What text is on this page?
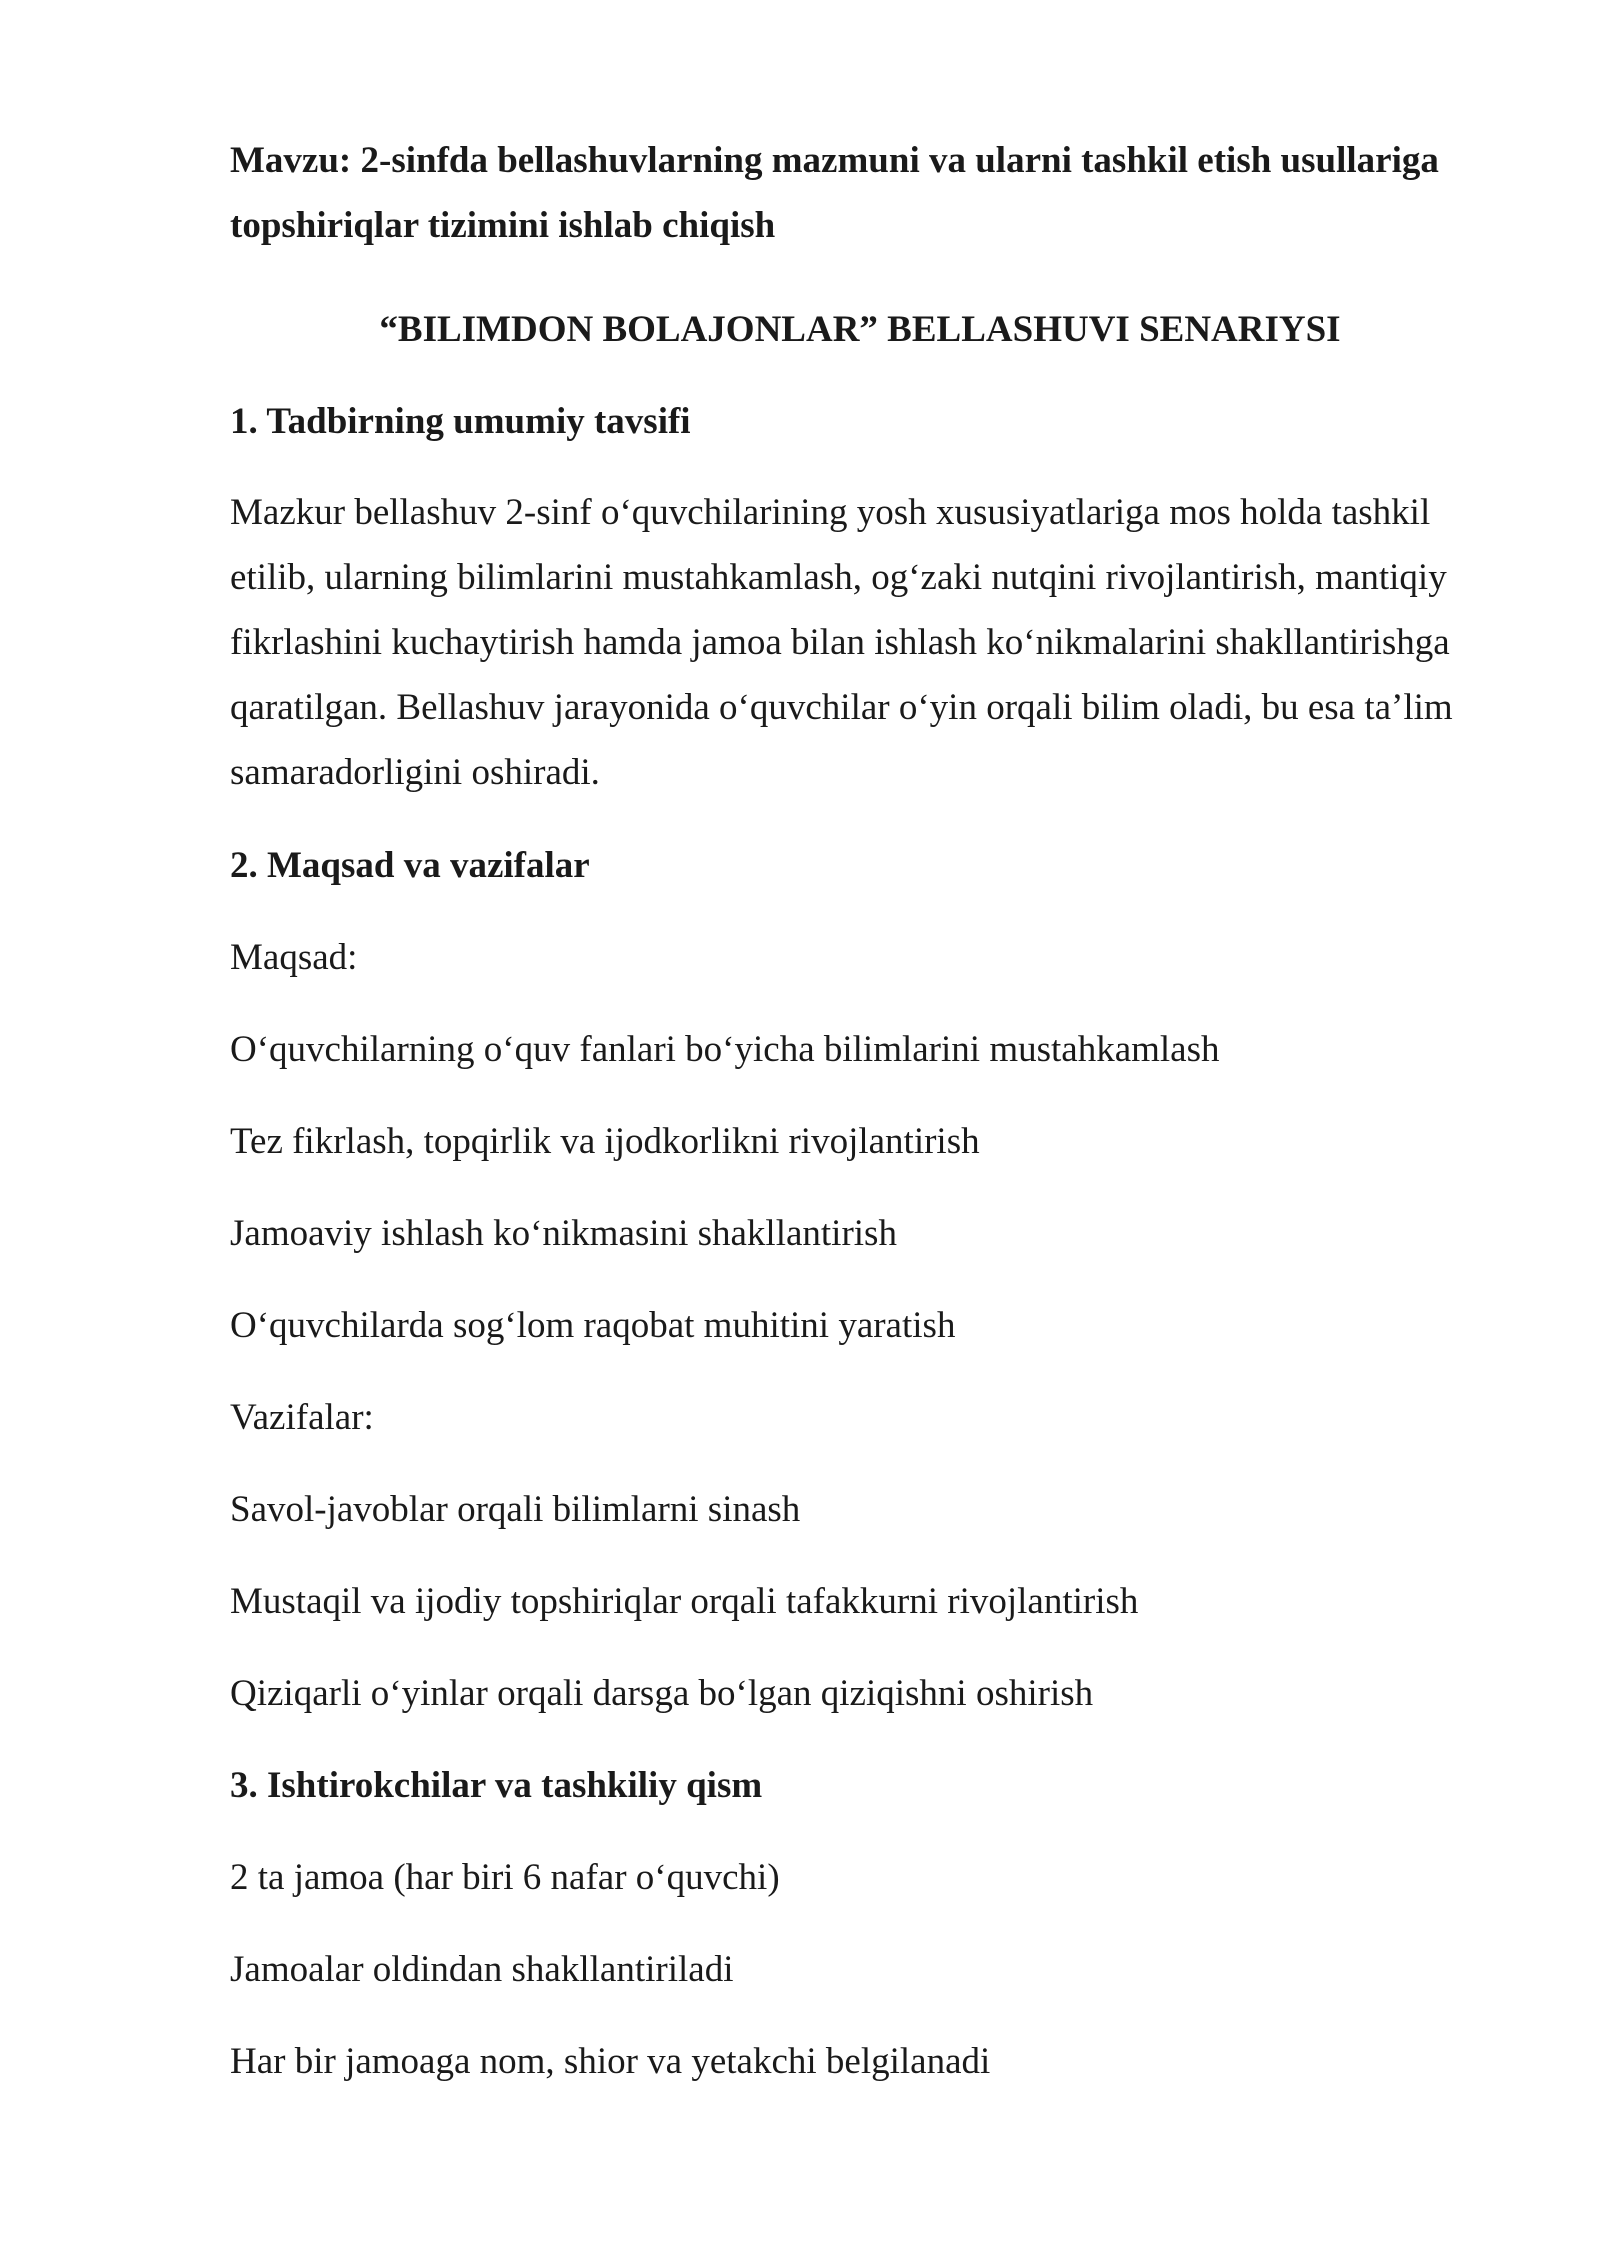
Mavzu: 2-sinfda bellashuvlarning mazmuni va ularni tashkil etish usullariga topshiriqlar tizimini ishlab chiqish

“BILIMDON BOLAJONLAR” BELLASHUVI SENARIYSI

1. Tadbirning umumiy tavsifi

Mazkur bellashuv 2-sinf o‘quvchilarining yosh xususiyatlariga mos holda tashkil etilib, ularning bilimlarini mustahkamlash, og‘zaki nutqini rivojlantirish, mantiqiy fikrlashini kuchaytirish hamda jamoa bilan ishlash ko‘nikmalarini shakllantirishga qaratilgan. Bellashuv jarayonida o‘quvchilar o‘yin orqali bilim oladi, bu esa ta’lim samaradorligini oshiradi.

2. Maqsad va vazifalar

Maqsad:

O‘quvchilarning o‘quv fanlari bo‘yicha bilimlarini mustahkamlash

Tez fikrlash, topqirlik va ijodkorlikni rivojlantirish

Jamoaviy ishlash ko‘nikmasini shakllantirish

O‘quvchilarda sog‘lom raqobat muhitini yaratish

Vazifalar:

Savol-javoblar orqali bilimlarni sinash

Mustaqil va ijodiy topshiriqlar orqali tafakkurni rivojlantirish

Qiziqarli o‘yinlar orqali darsga bo‘lgan qiziqishni oshirish

3. Ishtirokchilar va tashkiliy qism

2 ta jamoa (har biri 6 nafar o‘quvchi)

Jamoalar oldindan shakllantiriladi

Har bir jamoaga nom, shior va yetakchi belgilanadi
